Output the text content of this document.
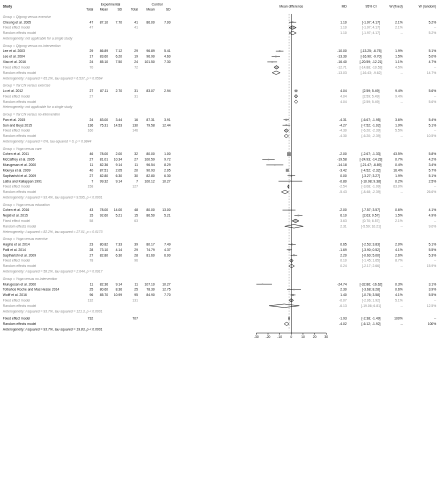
Study	Experimental	Control
Total Mean	SD Total Mean	SD
Mean difference	MD	95% CI	W (fixed)	W (random)
Group = Qigong versus exercise
Cheung et al. 2005	47 87.10 7.70	41 86.00	7.00	1.10	[-1.97; 4.17]	2.1%	5.2%
Fixed effect model	47	41	1.10	[-1.97; 4.17]	2.1%	--
Random effects model	1.10	[-1.97; 4.17]	--	5.2%
Heterogeneity: not applicable for a single study
Group = Qigong versus no-intervention
Lee et al. 2003	29 86.89 7.12	29 96.89	5.41	-10.00	[-13.25; -6.75]	1.9%	5.1%
Lee et al. 2004	17 83.60 6.20	19 96.90	4.60	-13.30	[-16.90; -9.70]	1.5%	5.0%
Xiao et al. 2016	24 85.10 7.50	24 101.50	7.30	-16.40	[-20.59; -12.21]	1.1%	4.7%
Fixed effect model	70	72	-12.71	[-14.88; -10.53]	4.5%	--
Random effects model	-13.03	[-16.43; -9.62]	--	14.7%
Heterogeneity: I-squared = 65.2%, tau-squared = 6.537, p = 0.0564
Group = Tai Chi versus exercise
Lo et al. 2012	27 87.11 2.70	31 83.07	2.94	4.04	[2.59; 5.49]	9.4%	5.6%
Fixed effect model	27	31	4.04	[2.59; 5.49]	9.4%	--
Random effects model	4.04	[2.59; 5.49]	--	5.6%
Heterogeneity: not applicable for a single study
Group = Tai Chi versus no-intervention
Pan et al. 2015	24 83.00 3.44	16 87.31	3.91	-4.31	[-6.67; -1.95]	3.6%	5.4%
Sun and Buys 2015	136 75.31 14.53	130 79.58 12.44	-4.27	[-7.52; -1.02]	1.9%	5.1%
Fixed effect model	160	146	-4.30	[-6.20; -2.39]	5.5%	--
Random effects model	-4.30	[-6.20; -2.39]	--	10.5%
Heterogeneity: I-squared = 0%, tau-squared = 0, p = 0.9844
Group = Yoga versus care
Cohen et al. 2011	46 78.00 2.00	32 80.00	1.00	-2.00	[-2.67; -1.33]	43.5%	5.8%
McCaffrey et al. 2005	27 81.01 10.34	27 100.59	9.72	-19.58	[-24.93; -14.23]	0.7%	4.2%
Murugesan et al. 2000	11 82.36 9.14	11 96.54	8.29	-14.18	[-21.47; -6.89]	0.4%	3.4%
Mourya et al. 2009	40 87.51 2.05	20 90.93	2.05	-3.42	[-4.52; -2.32]	16.4%	5.7%
Saptharishi et al. 2009	27 82.80 6.30	30 82.80	6.30	0.00	[-3.27; 3.27]	1.9%	5.1%
Latha and Kaliappan 1991	7 99.32 9.14	7 100.12 10.27	-0.80	[-10.98; 9.38]	0.2%	2.5%
Fixed effect model	158	127	-2.54	[-3.08; -1.99]	63.0%	--
Random effects model	-5.43	[-8.48; -2.39]	--	26.6%
Heterogeneity: I-squared = 93.4%, tau-squared = 9.595, p < 0.0001
Group = Yoga versus education
Cohen et al. 2016	43 78.00 14.00	48 80.00 13.00	-2.00	[-7.57; 3.57]	0.6%	4.1%
Nejati et al. 2015	15 92.60 5.21	15 86.50	5.21	6.10	[2.63; 9.57]	1.5%	4.9%
Fixed effect model	58	63	3.63	[0.70; 6.57]	2.1%	--
Random effects model	2.31	[-5.59; 10.21]	--	9.0%
Heterogeneity: I-squared = 82.2%, tau-squared = 27.01, p = 0.0173
Group = Yoga versus exercise
Hagins et al. 2014	23 80.82 7.33	39 80.17	7.49	0.65	[-2.53; 3.83]	2.0%	5.1%
Patil et al. 2014	28 73.10 4.14	29 74.79	4.37	-1.69	[-3.90; 0.52]	4.1%	5.5%
Saptharishi et al. 2009	27 82.80 6.30	28 81.60	6.00	2.20	[-0.60; 5.00]	2.6%	5.3%
Fixed effect model	78	96	0.10	[-1.45; 1.65]	8.7%	--
Random effects model	0.24	[-2.17; 2.66]	--	15.9%
Heterogeneity: I-squared = 58.2%, tau-squared = 2.644, p = 0.0917
Group = Yoga versus no-intervention
Murugesan et al. 2000	11 82.36 9.14	11 107.10 10.27	-24.74	[-32.86; -16.62]	0.3%	3.1%
Tolbahos Roche and Mas Hesse 2014	25 80.60 8.36	25 78.30 12.75	2.30	[-3.68; 8.28]	0.6%	3.9%
Wolff et al. 2016	96 85.70 10.99	95 84.90	7.70	1.40	[-0.78; 3.58]	4.1%	5.5%
Fixed effect model	132	131	-0.07	[-2.06; 1.92]	5.1%	--
Random effects model	-6.13	[-19.06; 6.81]	--	12.5%
Heterogeneity: I-squared = 93.7%, tau-squared = 121.3, p < 0.0001
Fixed effect model	732	707	-1.93	[-2.38; -1.49]	100%	--
Random effects model	-4.02	[-6.12; -1.92]	--	100%
Heterogeneity: I-squared = 93.7%, tau-squared = 19.83, p < 0.0001
-30 -20 -10 0 10 20 30
